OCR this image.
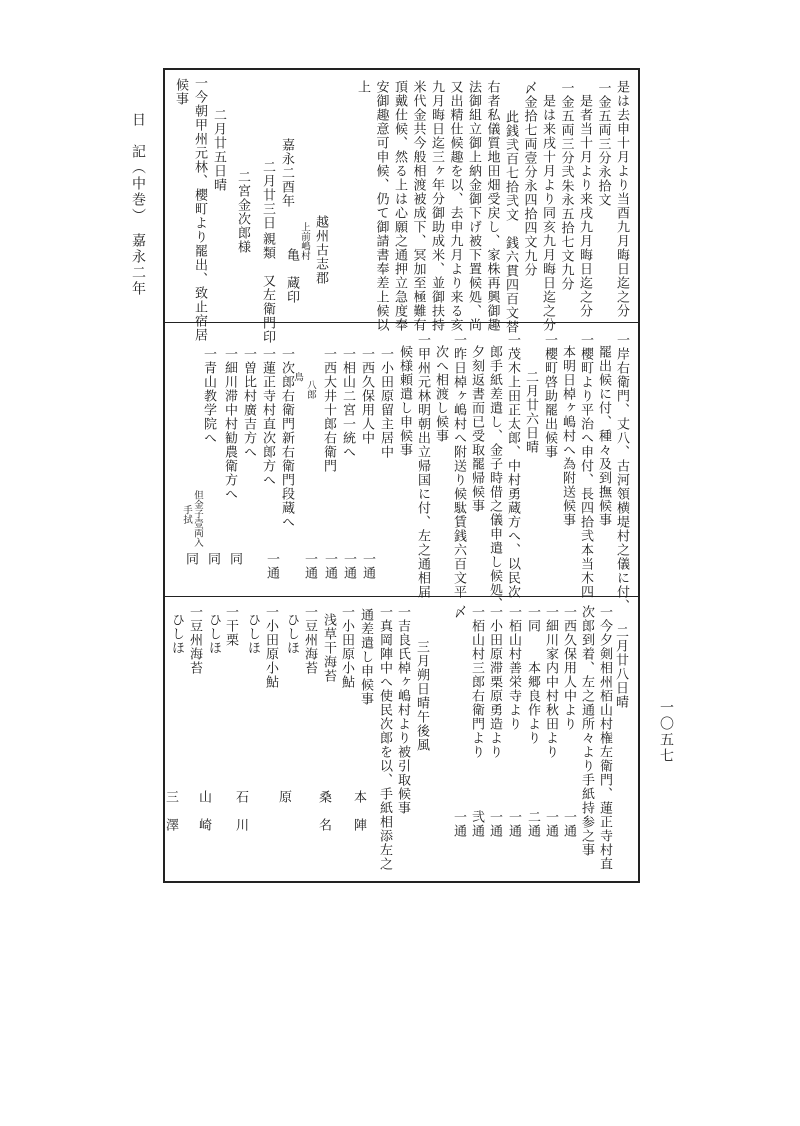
日　記（中巻）　嘉永二年
一〇五七
是は去申十月より当酉九月晦日迄之分
一金五両三分永拾文
是者当十月より来戌九月晦日迄之分
一金五両三分弐朱永五拾七文九分
是は来戌十月より同亥九月晦日迄之分
〆金拾七両壹分永四拾四文九分
此銭弐百七拾弐文　銭六貫四百文替
右者私儀質地田畑受戻し、家株再興御趣
法御組立御上納金御下げ被下置候処、尚
又出精仕候趣を以、去申九月より来る亥
九月晦日迄三ヶ年分御助成米、並御扶持
米代金共今般相渡被成下、冥加至極難有
頂戴仕候、然る上は心願之通押立急度奉
安御趣意可申候、仍て御請書奉差上候以
上
嘉永二酉年
二月廿三日
二宮金次郎様	越州古志郡
上前嶋村
亀　蔵印
親類　又左衛門印
二月廿五日晴
一今朝甲州元林、櫻町より罷出、致止宿居
候事
一岸右衛門、丈八、古河領横堤村之儀に付、
罷出候に付、種々及到撫候事
一櫻町より平治へ申付、長四拾弐本当木四
本明日棹ヶ嶋村へ為附送候事
一櫻町啓助罷出候事
二月廿六日晴
一茂木上田正太郎、中村勇蔵方へ、以民次
郎手紙差遣し、金子時借之儀申遣し候処、
夕刻返書而已受取罷帰候事
一昨日棹ヶ嶋村へ附送り候駄賃銭六百文平
次へ相渡し候事
一甲州元林明朝出立帰国に付、左之通相届
候様頼遣し申候事
一小田原留主居中
一西久保用人中
一相山二宮一統へ
一西大井十郎右衛門
一次郎右衛門新右衛門段蔵へ
一蓮正寺村直次郎方へ
一曽比村廣吉方へ
一細川滞中村勧農衛方へ
一青山教学院へ
一通
一通
一通
一通
一通
同
同
同
八郎
鳥
但金子壹両入
手拭
二月廿八日晴
一今夕剣相州栢山村権左衛門、蓮正寺村直
次郎到着、左之通所々より手紙持参之事
一西久保用人中より
一細川家内中村秋田より
一同　　本郷良作より
一栢山村善栄寺より
一小田原滞栗原勇造より
一栢山村三郎右衛門より
〆
三月朔日晴午後風
一吉良氏棹ヶ嶋村より被引取候事
一真岡陣中へ使民次郎を以、手紙相添左之
通差遣し申候事
一小田原小鮎
浅草干海苔
一豆州海苔
ひしほ
一小田原小鮎
ひしほ
一干栗
ひしほ
一豆州海苔
ひしほ
一通
一通
二通
一通
一通
弐通
一通
本　陣
桑　名
原
石　川
山　崎
三　澤
